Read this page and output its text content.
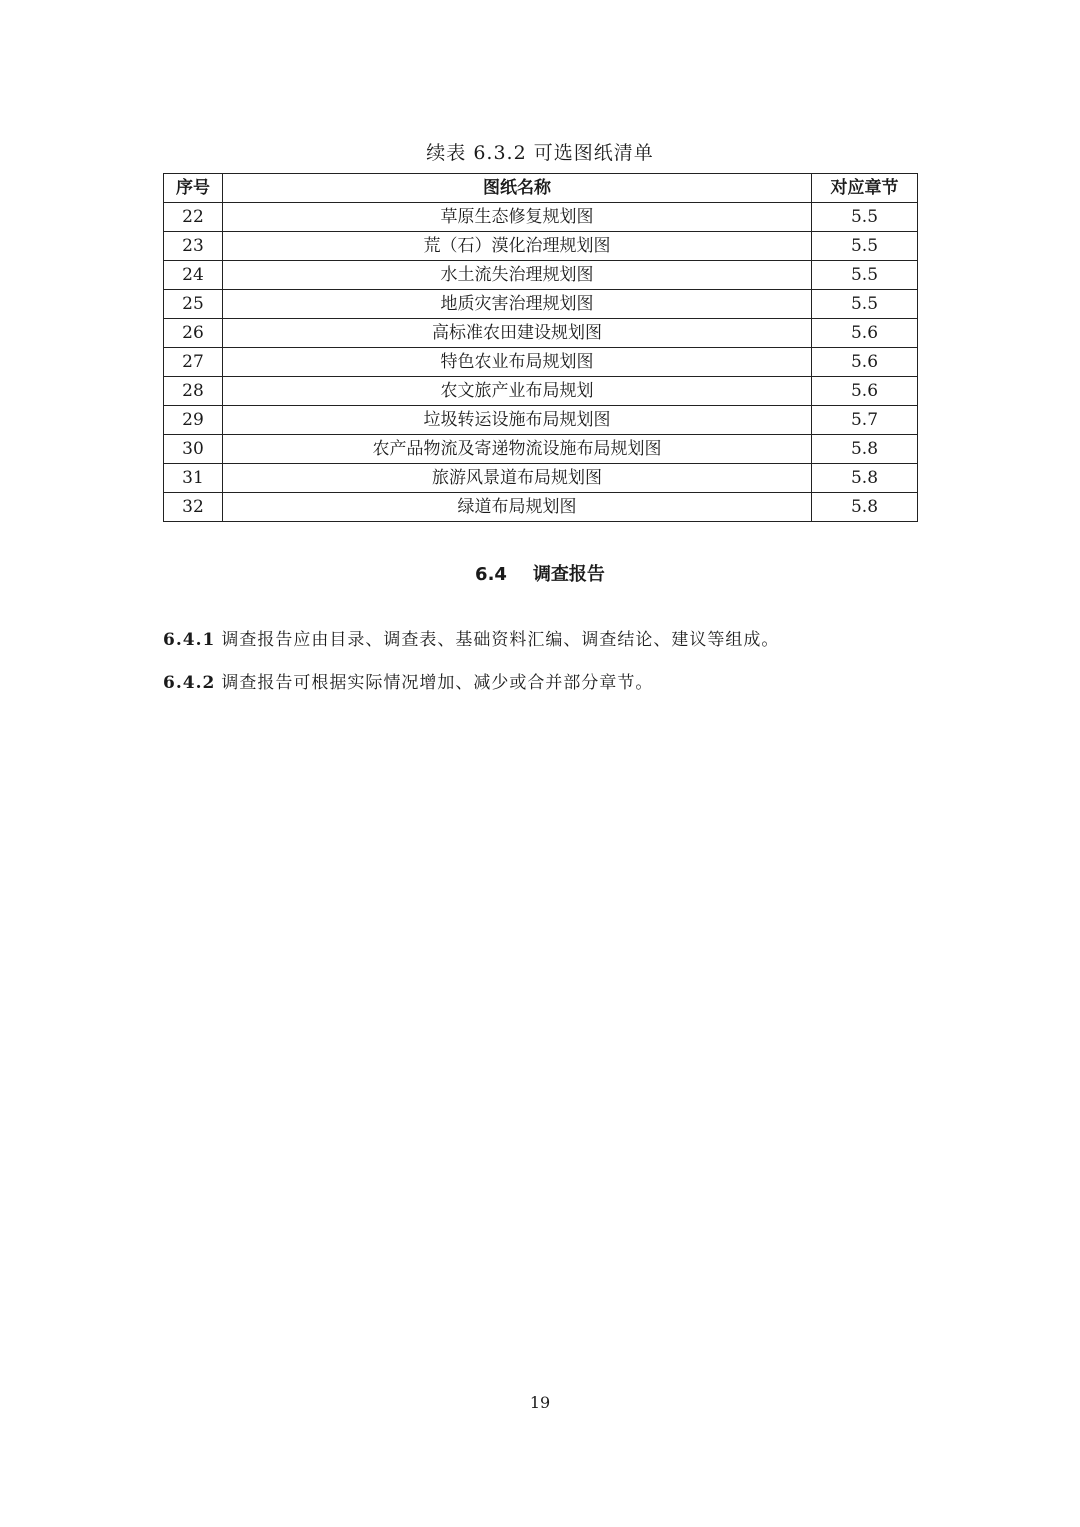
续表 6.3.2 可选图纸清单
序号	图纸名称	对应章节
22	草原生态修复规划图	5.5
23	荒（石）漠化治理规划图	5.5
24	水土流失治理规划图	5.5
25	地质灾害治理规划图	5.5
26	高标准农田建设规划图	5.6
27	特色农业布局规划图	5.6
28	农文旅产业布局规划	5.6
29	垃圾转运设施布局规划图	5.7
30	农产品物流及寄递物流设施布局规划图	5.8
31	旅游风景道布局规划图	5.8
32	绿道布局规划图	5.8
6.4 调查报告
6.4.1 调查报告应由目录、调查表、基础资料汇编、调查结论、建议等组成。
6.4.2 调查报告可根据实际情况增加、减少或合并部分章节。
19
